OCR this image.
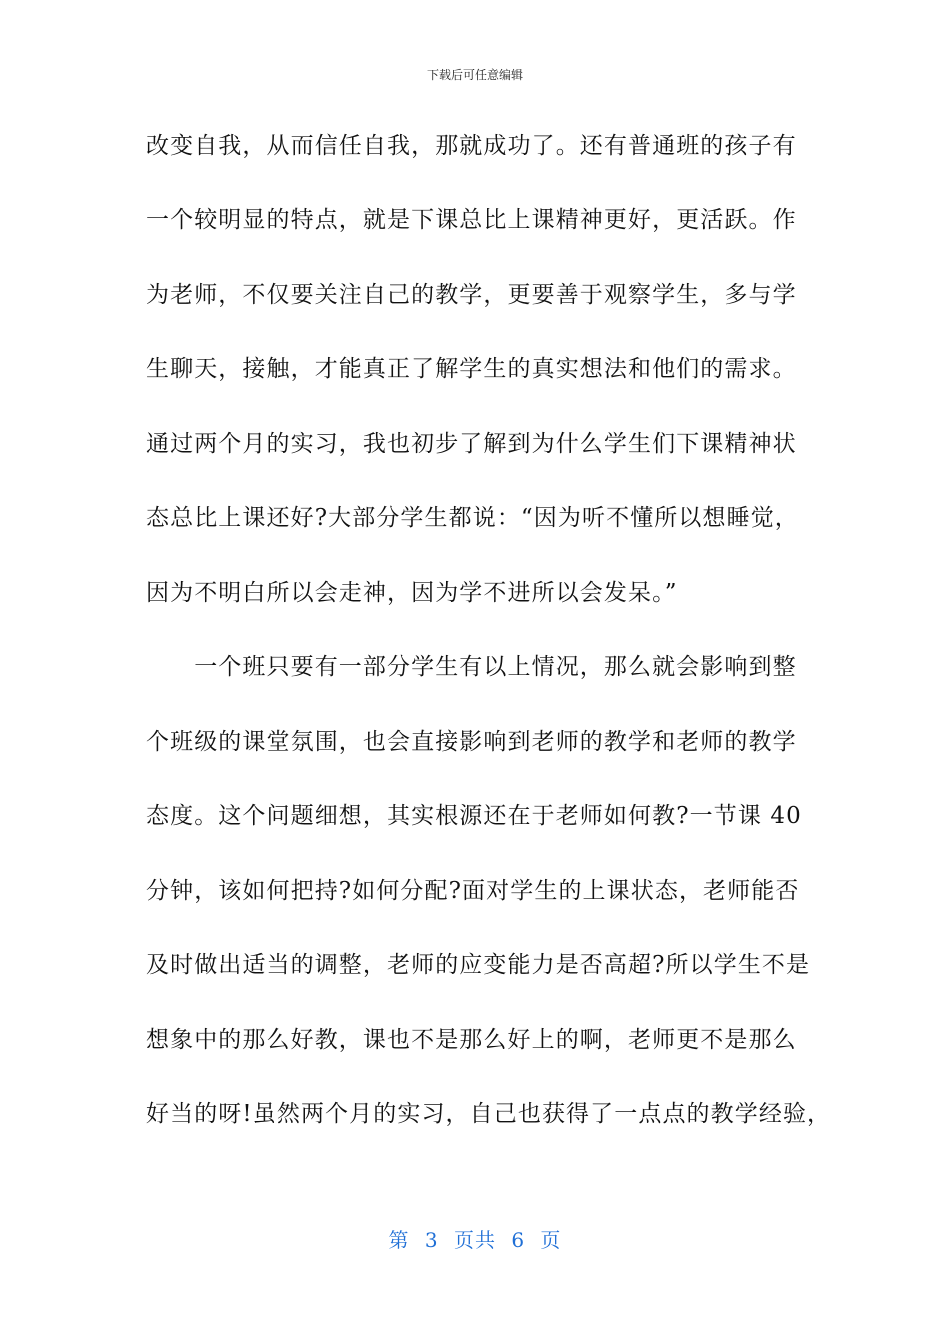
下载后可任意编辑
改变自我，从而信任自我，那就成功了。还有普通班的孩子有
一个较明显的特点，就是下课总比上课精神更好，更活跃。作
为老师，不仅要关注自己的教学，更要善于观察学生，多与学
生聊天，接触，才能真正了解学生的真实想法和他们的需求。
通过两个月的实习，我也初步了解到为什么学生们下课精神状
态总比上课还好?大部分学生都说：“因为听不懂所以想睡觉，
因为不明白所以会走神，因为学不进所以会发呆。”
　　一个班只要有一部分学生有以上情况，那么就会影响到整
个班级的课堂氛围，也会直接影响到老师的教学和老师的教学
态度。这个问题细想，其实根源还在于老师如何教?一节课 40
分钟，该如何把持?如何分配?面对学生的上课状态，老师能否
及时做出适当的调整，老师的应变能力是否高超?所以学生不是
想象中的那么好教，课也不是那么好上的啊，老师更不是那么
好当的呀!虽然两个月的实习，自己也获得了一点点的教学经验，
第 3 页共 6 页
